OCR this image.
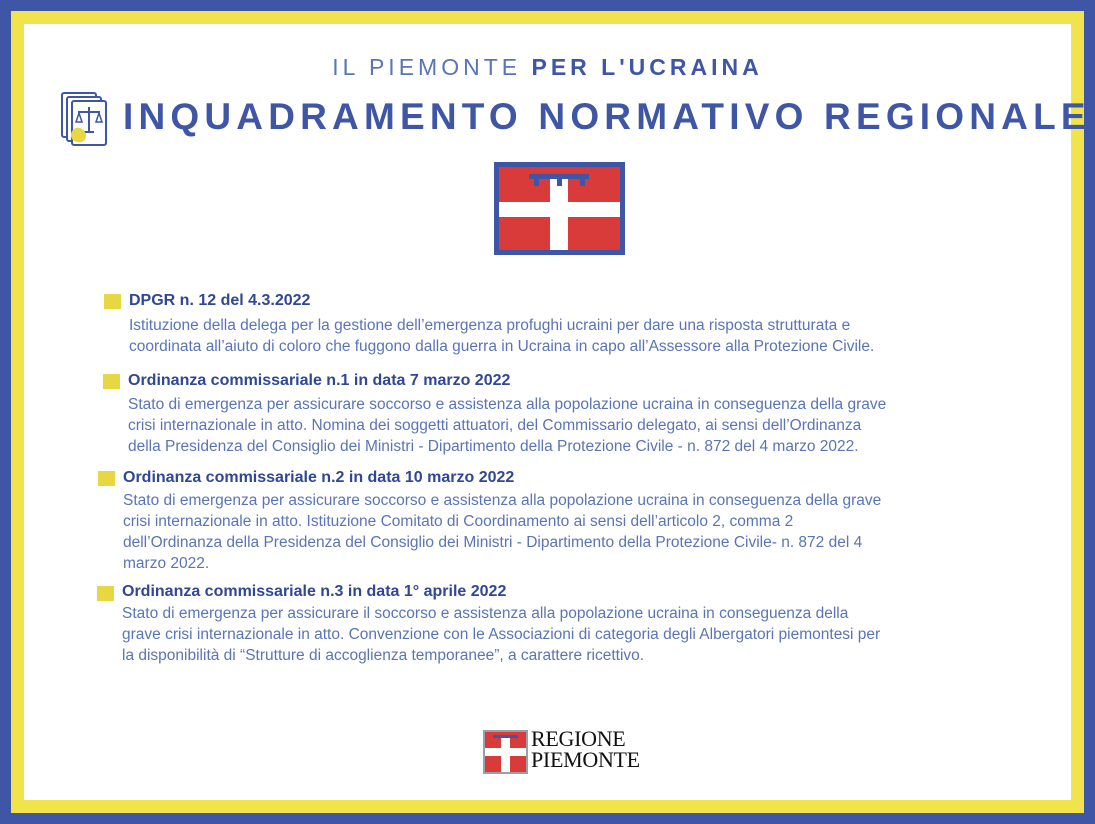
IL PIEMONTE PER L'UCRAINA
INQUADRAMENTO NORMATIVO REGIONALE
DPGR n. 12 del 4.3.2022
Istituzione della delega per la gestione dell’emergenza profughi ucraini per dare una risposta strutturata e
coordinata all’aiuto di coloro che fuggono dalla guerra in Ucraina in capo all’Assessore alla Protezione Civile.
Ordinanza commissariale n.1 in data 7 marzo 2022
Stato di emergenza per assicurare soccorso e assistenza alla popolazione ucraina in conseguenza della grave
crisi internazionale in atto. Nomina dei soggetti attuatori, del Commissario delegato, ai sensi dell’Ordinanza
della Presidenza del Consiglio dei Ministri - Dipartimento della Protezione Civile - n. 872 del 4 marzo 2022.
Ordinanza commissariale n.2 in data 10 marzo 2022
Stato di emergenza per assicurare soccorso e assistenza alla popolazione ucraina in conseguenza della grave
crisi internazionale in atto. Istituzione Comitato di Coordinamento ai sensi dell’articolo 2, comma 2
dell’Ordinanza della Presidenza del Consiglio dei Ministri - Dipartimento della Protezione Civile- n. 872 del 4
marzo 2022.
Ordinanza commissariale n.3 in data 1° aprile 2022
Stato di emergenza per assicurare il soccorso e assistenza alla popolazione ucraina in conseguenza della
grave crisi internazionale in atto. Convenzione con le Associazioni di categoria degli Albergatori piemontesi per
la disponibilità di “Strutture di accoglienza temporanee”, a carattere ricettivo.
REGIONE
PIEMONTE
